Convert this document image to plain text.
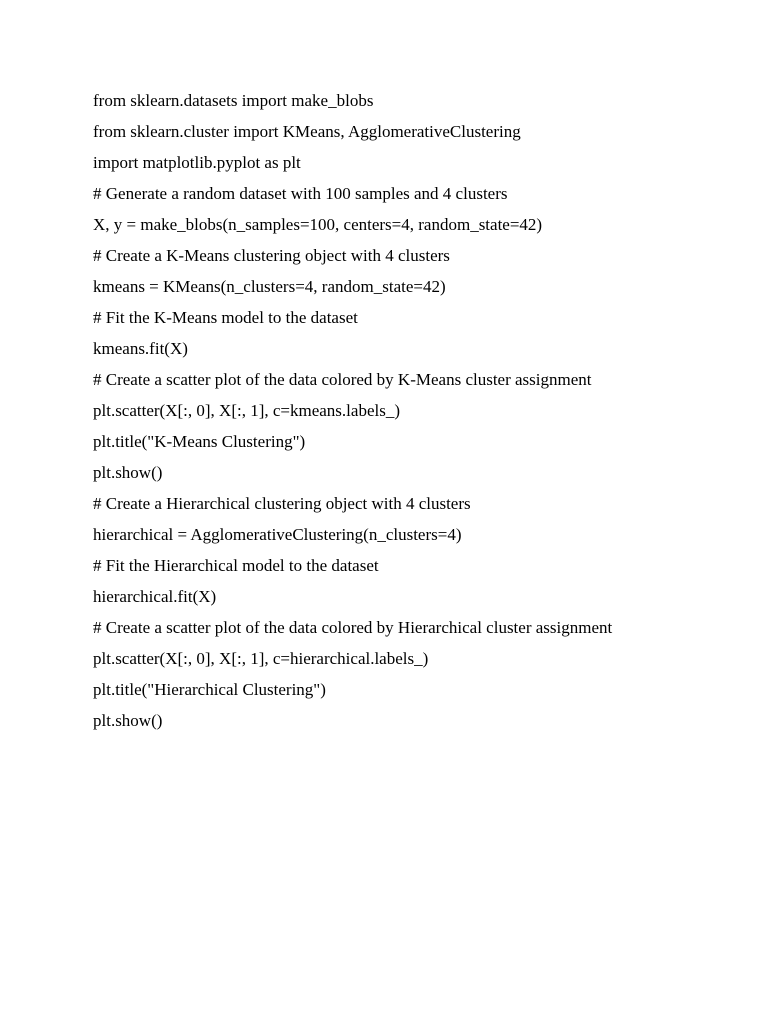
from sklearn.datasets import make_blobs
from sklearn.cluster import KMeans, AgglomerativeClustering
import matplotlib.pyplot as plt
# Generate a random dataset with 100 samples and 4 clusters
X, y = make_blobs(n_samples=100, centers=4, random_state=42)
# Create a K-Means clustering object with 4 clusters
kmeans = KMeans(n_clusters=4, random_state=42)
# Fit the K-Means model to the dataset
kmeans.fit(X)
# Create a scatter plot of the data colored by K-Means cluster assignment
plt.scatter(X[:, 0], X[:, 1], c=kmeans.labels_)
plt.title("K-Means Clustering")
plt.show()
# Create a Hierarchical clustering object with 4 clusters
hierarchical = AgglomerativeClustering(n_clusters=4)
# Fit the Hierarchical model to the dataset
hierarchical.fit(X)
# Create a scatter plot of the data colored by Hierarchical cluster assignment
plt.scatter(X[:, 0], X[:, 1], c=hierarchical.labels_)
plt.title("Hierarchical Clustering")
plt.show()
